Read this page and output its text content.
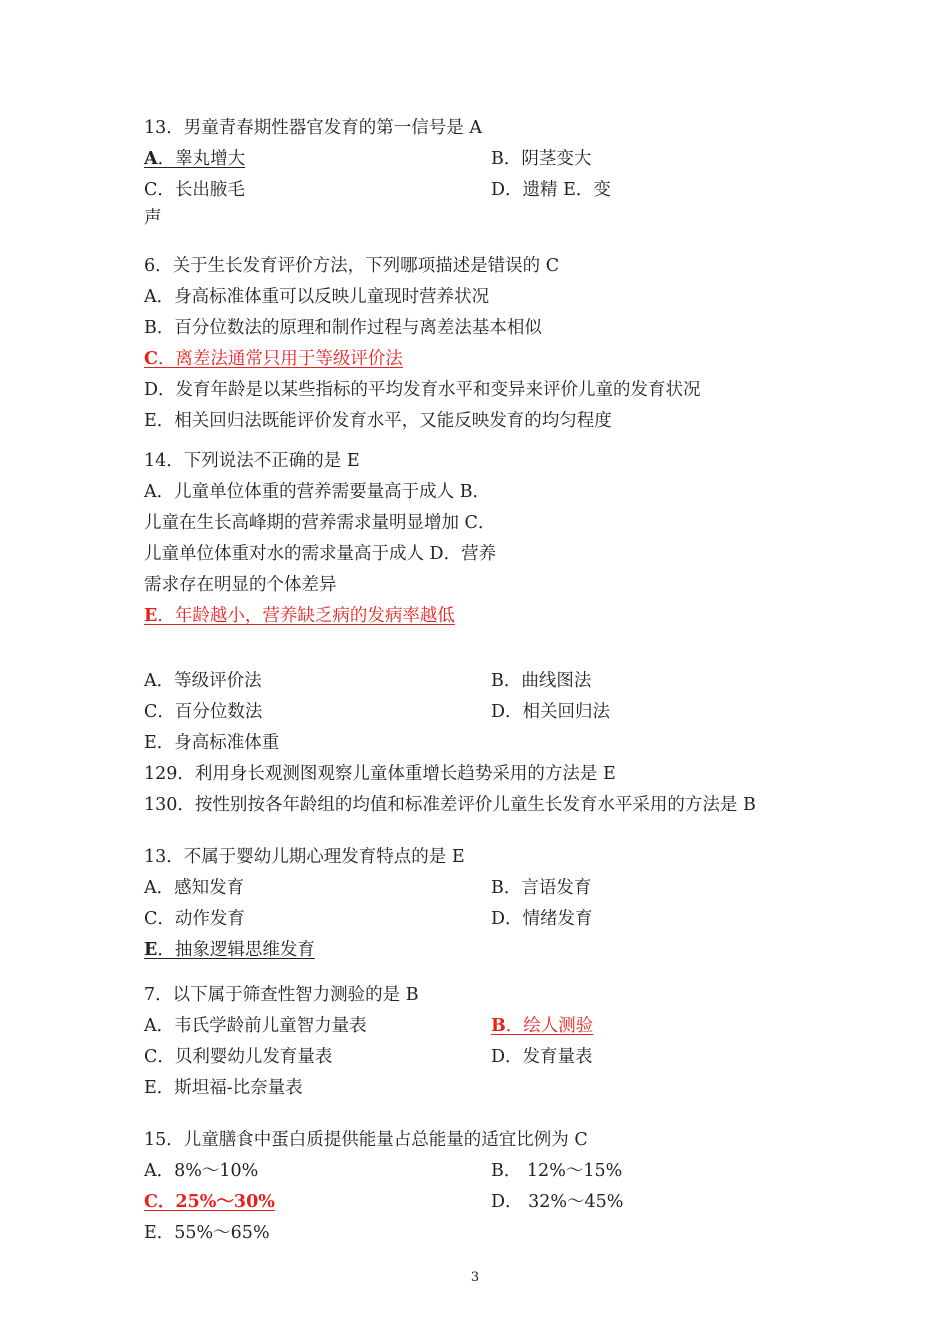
13．男童青春期性器官发育的第一信号是 A
A．睾丸增大	B．阴茎变大
C．长出腋毛	D．遗精 E．变
声
6．关于生长发育评价方法，下列哪项描述是错误的 C
A．身高标准体重可以反映儿童现时营养状况
B．百分位数法的原理和制作过程与离差法基本相似
C．离差法通常只用于等级评价法
D．发育年龄是以某些指标的平均发育水平和变异来评价儿童的发育状况
E．相关回归法既能评价发育水平，又能反映发育的均匀程度
14．下列说法不正确的是 E
A．儿童单位体重的营养需要量高于成人 B．
儿童在生长高峰期的营养需求量明显增加 C．
儿童单位体重对水的需求量高于成人 D．营养
需求存在明显的个体差异
E．年龄越小，营养缺乏病的发病率越低
A．等级评价法	B．曲线图法
C．百分位数法	D．相关回归法
E．身高标准体重
129．利用身长观测图观察儿童体重增长趋势采用的方法是 E
130．按性别按各年龄组的均值和标准差评价儿童生长发育水平采用的方法是 B
13．不属于婴幼儿期心理发育特点的是 E
A．感知发育	B．言语发育
C．动作发育	D．情绪发育
E．抽象逻辑思维发育
7．以下属于筛查性智力测验的是 B
A．韦氏学龄前儿童智力量表	B．绘人测验
C．贝利婴幼儿发育量表	D．发育量表
E．斯坦福-比奈量表
15．儿童膳食中蛋白质提供能量占总能量的适宜比例为 C
A．8%～10%	B． 12%～15%
C．25%～30%	D． 32%～45%
E．55%～65%
3
